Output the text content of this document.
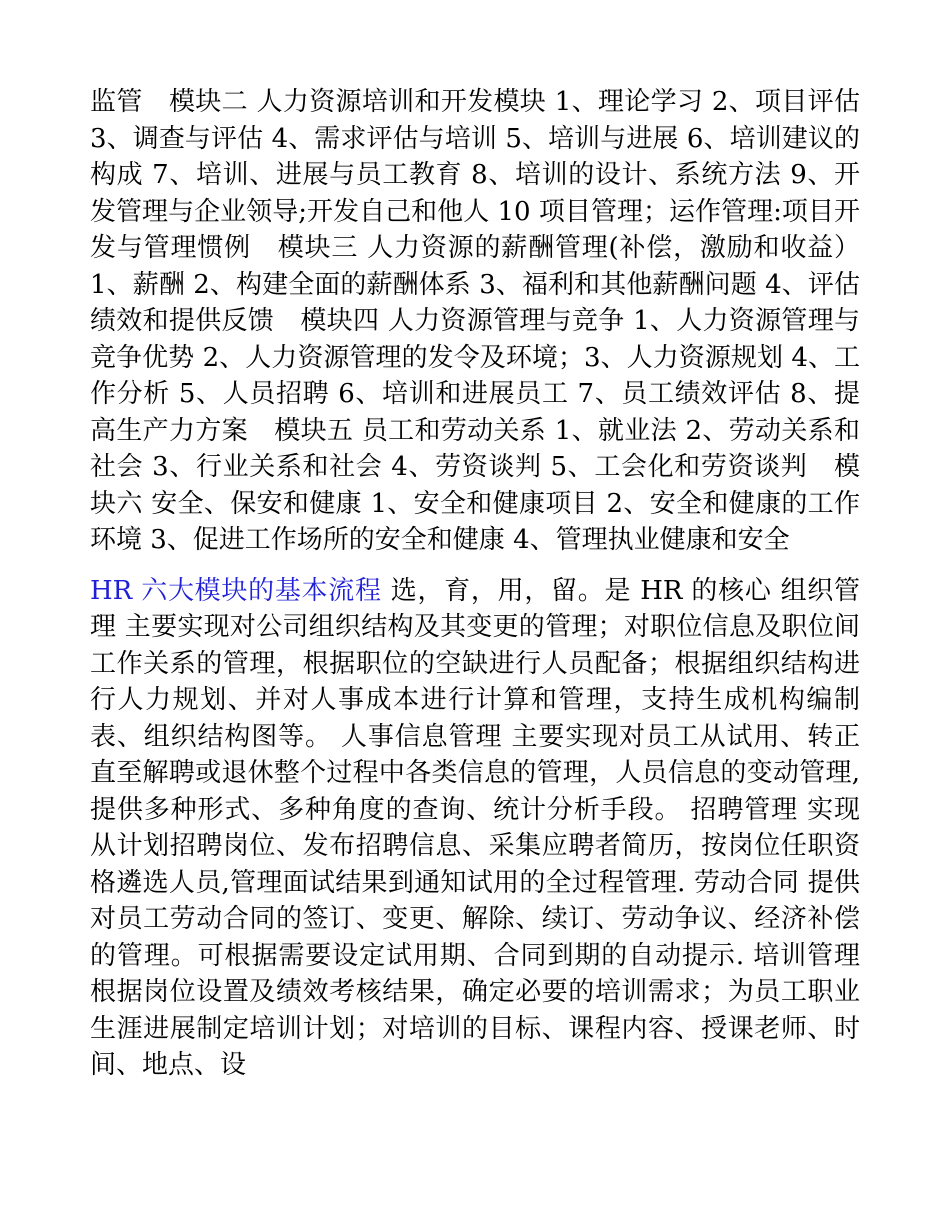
监管　模块二 人力资源培训和开发模块 1、理论学习 2、项目评估 3、调查与评估 4、需求评估与培训 5、培训与进展 6、培训建议的构成 7、培训、进展与员工教育 8、培训的设计、系统方法 9、开发管理与企业领导;开发自己和他人 10 项目管理；运作管理:项目开发与管理惯例　模块三 人力资源的薪酬管理(补偿，激励和收益） 1、薪酬 2、构建全面的薪酬体系 3、福利和其他薪酬问题 4、评估绩效和提供反馈　模块四 人力资源管理与竞争 1、人力资源管理与竞争优势 2、人力资源管理的发令及环境；3、人力资源规划 4、工作分析 5、人员招聘 6、培训和进展员工 7、员工绩效评估 8、提高生产力方案　模块五 员工和劳动关系 1、就业法 2、劳动关系和社会 3、行业关系和社会 4、劳资谈判 5、工会化和劳资谈判　模块六 安全、保安和健康 1、安全和健康项目 2、安全和健康的工作环境 3、促进工作场所的安全和健康 4、管理执业健康和安全

HR 六大模块的基本流程 选，育，用，留。是 HR 的核心 组织管理 主要实现对公司组织结构及其变更的管理；对职位信息及职位间工作关系的管理，根据职位的空缺进行人员配备；根据组织结构进行人力规划、并对人事成本进行计算和管理，支持生成机构编制表、组织结构图等。 人事信息管理 主要实现对员工从试用、转正直至解聘或退休整个过程中各类信息的管理，人员信息的变动管理,提供多种形式、多种角度的查询、统计分析手段。 招聘管理 实现从计划招聘岗位、发布招聘信息、采集应聘者简历，按岗位任职资格遴选人员,管理面试结果到通知试用的全过程管理. 劳动合同 提供对员工劳动合同的签订、变更、解除、续订、劳动争议、经济补偿的管理。可根据需要设定试用期、合同到期的自动提示. 培训管理 根据岗位设置及绩效考核结果，确定必要的培训需求；为员工职业生涯进展制定培训计划；对培训的目标、课程内容、授课老师、时间、地点、设
